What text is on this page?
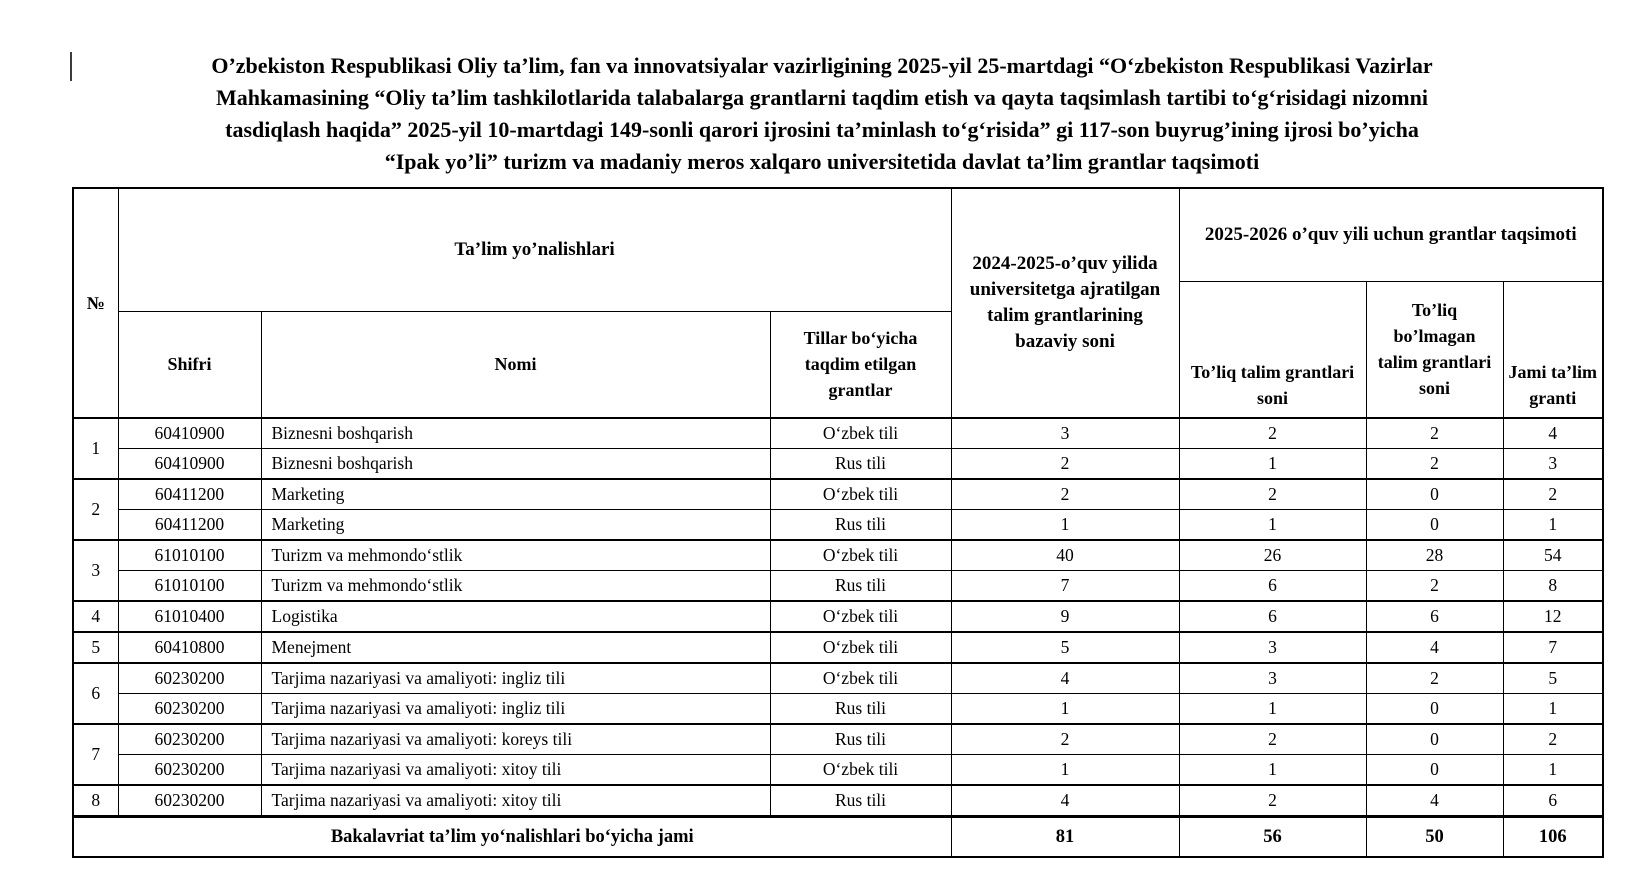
O’zbekiston Respublikasi Oliy ta’lim, fan va innovatsiyalar vazirligining 2025-yil 25-martdagi “Oʻzbekiston Respublikasi Vazirlar
Mahkamasining “Oliy ta’lim tashkilotlarida talabalarga grantlarni taqdim etish va qayta taqsimlash tartibi toʻgʻrisidagi nizomni
tasdiqlash haqida” 2025-yil 10-martdagi 149-sonli qarori ijrosini ta’minlash toʻgʻrisida” gi 117-son buyrug’ining ijrosi bo’yicha
“Ipak yo’li” turizm va madaniy meros xalqaro universitetida davlat ta’lim grantlar taqsimoti
№	Ta’lim yo’nalishlari			2024-2025-o’quv yilida universitetga ajratilgan talim grantlarining bazaviy soni	2025-2026 o’quv yili uchun grantlar taqsimoti		
					To’liq talim grantlari soni	To’liq bo’lmagan talim grantlari soni	Jami ta’lim granti
	Shifri	Nomi	Tillar boʻyicha taqdim etilgan grantlar				
1	60410900	Biznesni boshqarish	Oʻzbek tili	3	2	2	4
	60410900	Biznesni boshqarish	Rus tili	2	1	2	3
2	60411200	Marketing	Oʻzbek tili	2	2	0	2
	60411200	Marketing	Rus tili	1	1	0	1
3	61010100	Turizm va mehmondoʻstlik	Oʻzbek tili	40	26	28	54
	61010100	Turizm va mehmondoʻstlik	Rus tili	7	6	2	8
4	61010400	Logistika	Oʻzbek tili	9	6	6	12
5	60410800	Menejment	Oʻzbek tili	5	3	4	7
6	60230200	Tarjima nazariyasi va amaliyoti: ingliz tili	Oʻzbek tili	4	3	2	5
	60230200	Tarjima nazariyasi va amaliyoti: ingliz tili	Rus tili	1	1	0	1
7	60230200	Tarjima nazariyasi va amaliyoti: koreys tili	Rus tili	2	2	0	2
	60230200	Tarjima nazariyasi va amaliyoti: xitoy tili	Oʻzbek tili	1	1	0	1
8	60230200	Tarjima nazariyasi va amaliyoti: xitoy tili	Rus tili	4	2	4	6
Bakalavriat ta’lim yoʻnalishlari boʻyicha jami				81	56	50	106
